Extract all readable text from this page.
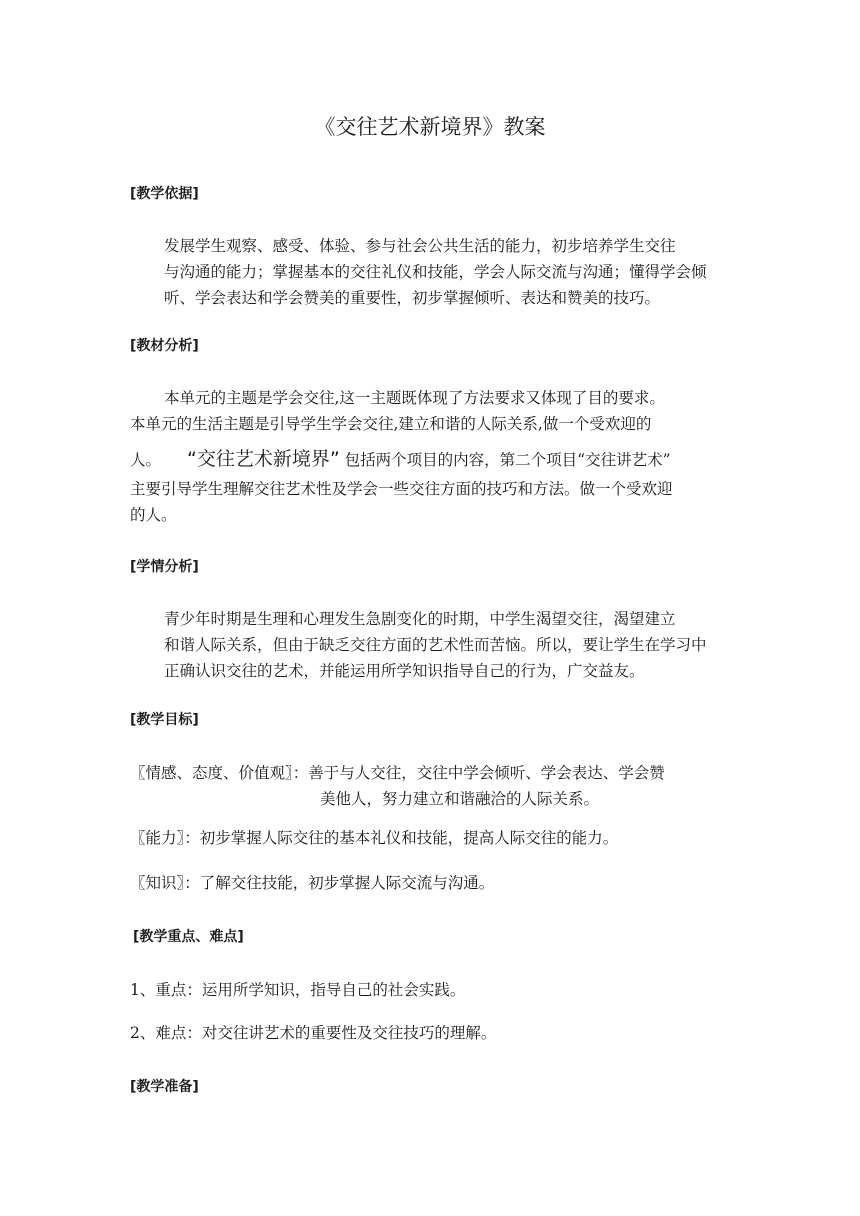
《交往艺术新境界》教案
[教学依据]

发展学生观察、感受、体验、参与社会公共生活的能力，初步培养学生交往
与沟通的能力；掌握基本的交往礼仪和技能，学会人际交流与沟通；懂得学会倾
听、学会表达和学会赞美的重要性，初步掌握倾听、表达和赞美的技巧。

[教材分析]

本单元的主题是学会交往,这一主题既体现了方法要求又体现了目的要求。

本单元的生活主题是引导学生学会交往,建立和谐的人际关系,做一个受欢迎的
人。 “交往艺术新境界” 包括两个项目的内容，第二个项目“交往讲艺术”
主要引导学生理解交往艺术性及学会一些交往方面的技巧和方法。做一个受欢迎
的人。

[学情分析]

青少年时期是生理和心理发生急剧变化的时期，中学生渴望交往，渴望建立
和谐人际关系，但由于缺乏交往方面的艺术性而苦恼。所以，要让学生在学习中
正确认识交往的艺术，并能运用所学知识指导自己的行为，广交益友。

[教学目标]

〖情感、态度、价值观〗：善于与人交往，交往中学会倾听、学会表达、学会赞
美他人，努力建立和谐融洽的人际关系。

〖能力〗：初步掌握人际交往的基本礼仪和技能，提高人际交往的能力。

〖知识〗：了解交往技能，初步掌握人际交流与沟通。

[教学重点、难点]

1、重点：运用所学知识，指导自己的社会实践。

2、难点：对交往讲艺术的重要性及交往技巧的理解。

[教学准备]
